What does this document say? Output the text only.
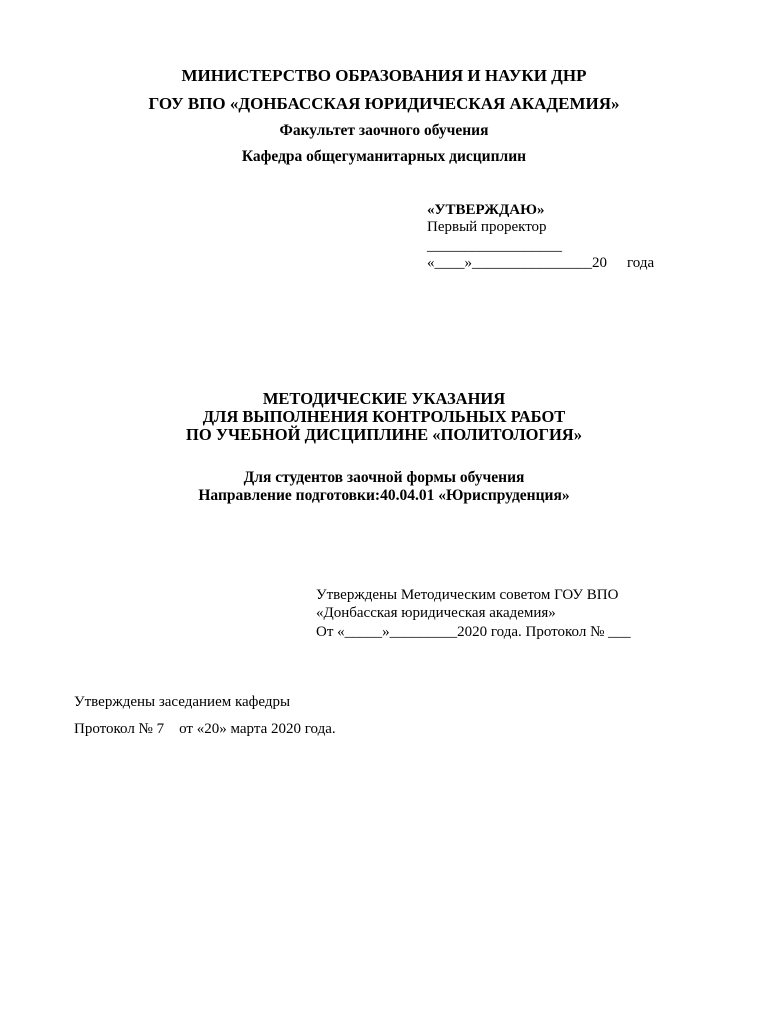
МИНИСТЕРСТВО ОБРАЗОВАНИЯ И НАУКИ ДНР
ГОУ ВПО «ДОНБАССКАЯ ЮРИДИЧЕСКАЯ АКАДЕМИЯ»
Факультет заочного обучения
Кафедра общегуманитарных дисциплин
«УТВЕРЖДАЮ»
Первый проректор
__________________
«____»________________20 года
МЕТОДИЧЕСКИЕ УКАЗАНИЯ
ДЛЯ ВЫПОЛНЕНИЯ КОНТРОЛЬНЫХ РАБОТ
ПО УЧЕБНОЙ ДИСЦИПЛИНЕ «ПОЛИТОЛОГИЯ»
Для студентов заочной формы обучения
Направление подготовки:40.04.01 «Юриспруденция»
Утверждены Методическим советом ГОУ ВПО
«Донбасская юридическая академия»
От «_____»_________2020 года. Протокол № ___
Утверждены заседанием кафедры
Протокол № 7    от «20» марта 2020 года.
